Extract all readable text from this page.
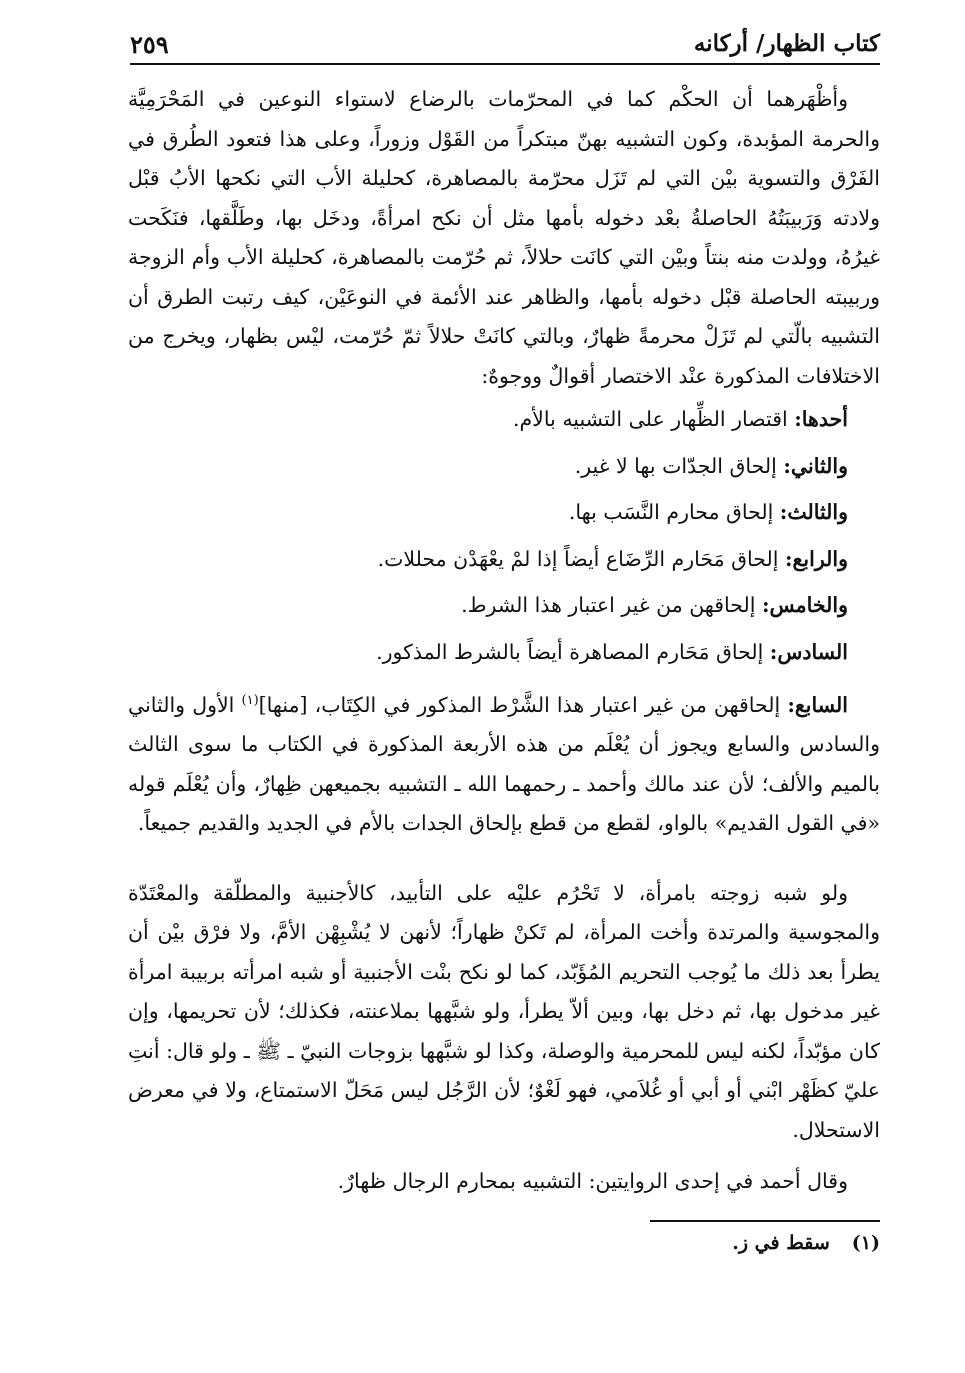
كتاب الظهار/ أركانه
٢٥٩

وأظْهَرهما أن الحكْم كما في المحرّمات بالرضاع لاستواء النوعين في المَحْرَمِيَّة والحرمة المؤبدة، وكون التشبيه بهنّ مبتكراً من القَوْل وزوراً، وعلى هذا فتعود الطُرق في الفَرْق والتسوية بيْن التي لم تَزَل محرّمة بالمصاهرة، كحليلة الأب التي نكحها الأبُ قبْل ولادته وَرَبيبَتُهُ الحاصلةُ بعْد دخوله بأمها مثل أن نكح امرأةً، ودخَل بها، وطَلَّقها، فنَكَحت غيرُهُ، وولدت منه بنتاً وبيْن التي كانَت حلالاً، ثم حُرّمت بالمصاهرة، كحليلة الأب وأم الزوجة وربيبته الحاصلة قبْل دخوله بأمها، والظاهر عند الأئمة في النوعَيْن، كيف رتبت الطرق أن التشبيه بالّتي لم تَزَلْ محرمةً ظهارٌ، وبالتي كانَتْ حلالاً ثمّ حُرّمت، ليْس بظهار، ويخرج من الاختلافات المذكورة عنْد الاختصار أقوالٌ ووجوهٌ:

أحدها: اقتصار الظِّهار على التشبيه بالأم.

والثاني: إلحاق الجدّات بها لا غير.

والثالث: إلحاق محارم النَّسَب بها.

والرابع: إلحاق مَحَارم الرِّضَاع أيضاً إذا لمْ يعْهَدْن محللات.

والخامس: إلحاقهن من غير اعتبار هذا الشرط.

السادس: إلحاق مَحَارم المصاهرة أيضاً بالشرط المذكور.

السابع: إلحاقهن من غير اعتبار هذا الشَّرْط المذكور في الكِتَاب، [منها]$^{(١)}$ الأول والثاني والسادس والسابع ويجوز أن يُعْلَم من هذه الأربعة المذكورة في الكتاب ما سوى الثالث بالميم والألف؛ لأن عند مالك وأحمد ـ رحمهما الله ـ التشبيه بجميعهن ظِهارٌ، وأن يُعْلَم قوله «في القول القديم» بالواو، لقطع من قطع بإلحاق الجدات بالأم في الجديد والقديم جميعاً.

ولو شبه زوجته بامرأة، لا تَحْرُم عليْه على التأبيد، كالأجنبية والمطلّقة والمعْتَدّة والمجوسية والمرتدة وأخت المرأة، لم تَكنْ ظهاراً؛ لأنهن لا يُشْبِهْن الأمَّ، ولا فرْق بيْن أن يطرأ بعد ذلك ما يُوجب التحريم المُؤَبّد، كما لو نكح بنْت الأجنبية أو شبه امرأته بربيبة امرأة غير مدخول بها، ثم دخل بها، وبين ألاّ يطرأ، ولو شبَّهها بملاعنته، فكذلك؛ لأن تحريمها، وإن كان مؤبّداً، لكنه ليس للمحرمية والوصلة، وكذا لو شبَّهها بزوجات النبيّ ـ ﷺ ـ ولو قال: أنتِ عليّ كظَهْر ابْني أو أبي أو غُلاَمي، فهو لَغْوٌ؛ لأن الرَّجُل ليس مَحَلّ الاستمتاع، ولا في معرض الاستحلال.

وقال أحمد في إحدى الروايتين: التشبيه بمحارم الرجال ظهارٌ.

(١)سقط في ز.
